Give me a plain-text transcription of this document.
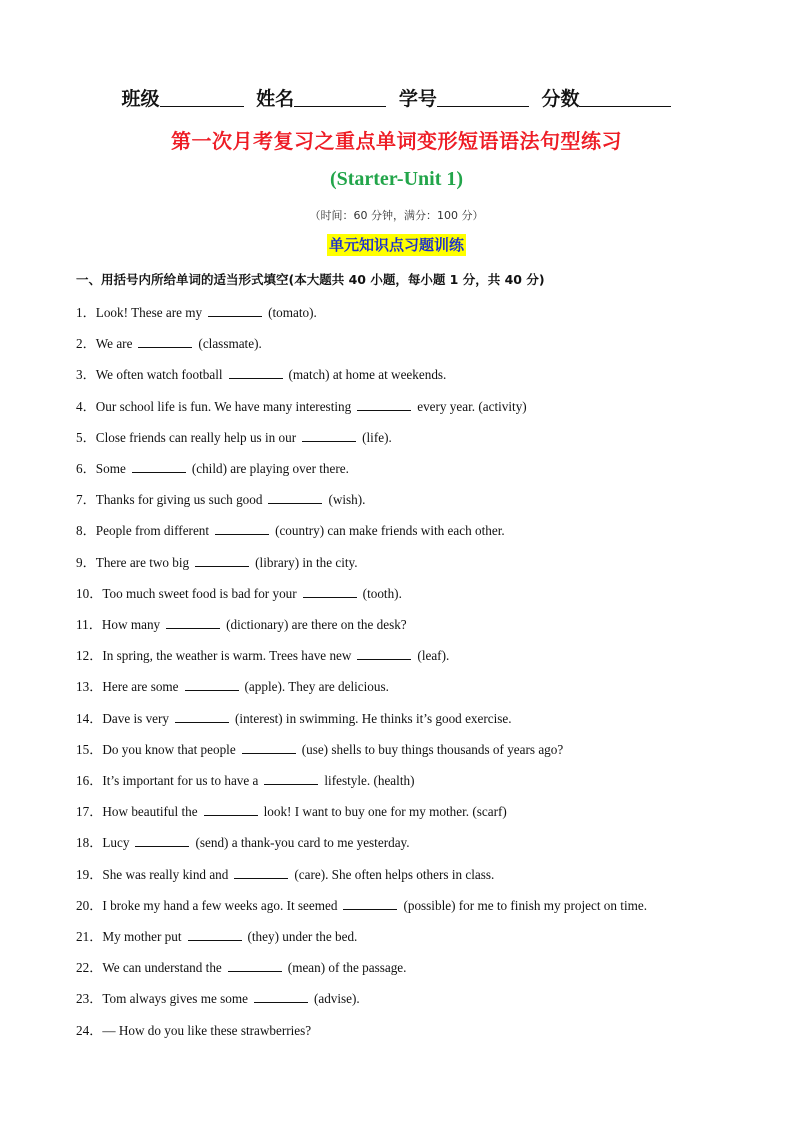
班级	姓名	学号	分数
第一次月考复习之重点单词变形短语语法句型练习
(Starter-Unit 1)
（时间：60 分钟，满分：100 分）
单元知识点习题训练
一、用括号内所给单词的适当形式填空(本大题共 40 小题，每小题 1 分，共 40 分)
1．Look! These are my	(tomato).
2．We are	(classmate).
3．We often watch football	(match) at home at weekends.
4．Our school life is fun. We have many interesting	every year. (activity)
5．Close friends can really help us in our	(life).
6．Some	(child) are playing over there.
7．Thanks for giving us such good	(wish).
8．People from different	(country) can make friends with each other.
9．There are two big	(library) in the city.
10．Too much sweet food is bad for your	(tooth).
11．How many	(dictionary) are there on the desk?
12．In spring, the weather is warm. Trees have new	(leaf).
13．Here are some	(apple). They are delicious.
14．Dave is very	(interest) in swimming. He thinks it’s good exercise.
15．Do you know that people	(use) shells to buy things thousands of years ago?
16．It’s important for us to have a	lifestyle. (health)
17．How beautiful the	look! I want to buy one for my mother. (scarf)
18．Lucy	(send) a thank-you card to me yesterday.
19．She was really kind and	(care). She often helps others in class.
20．I broke my hand a few weeks ago. It seemed	(possible) for me to finish my project on time.
21．My mother put	(they) under the bed.
22．We can understand the	(mean) of the passage.
23．Tom always gives me some	(advise).
24．— How do you like these strawberries?
